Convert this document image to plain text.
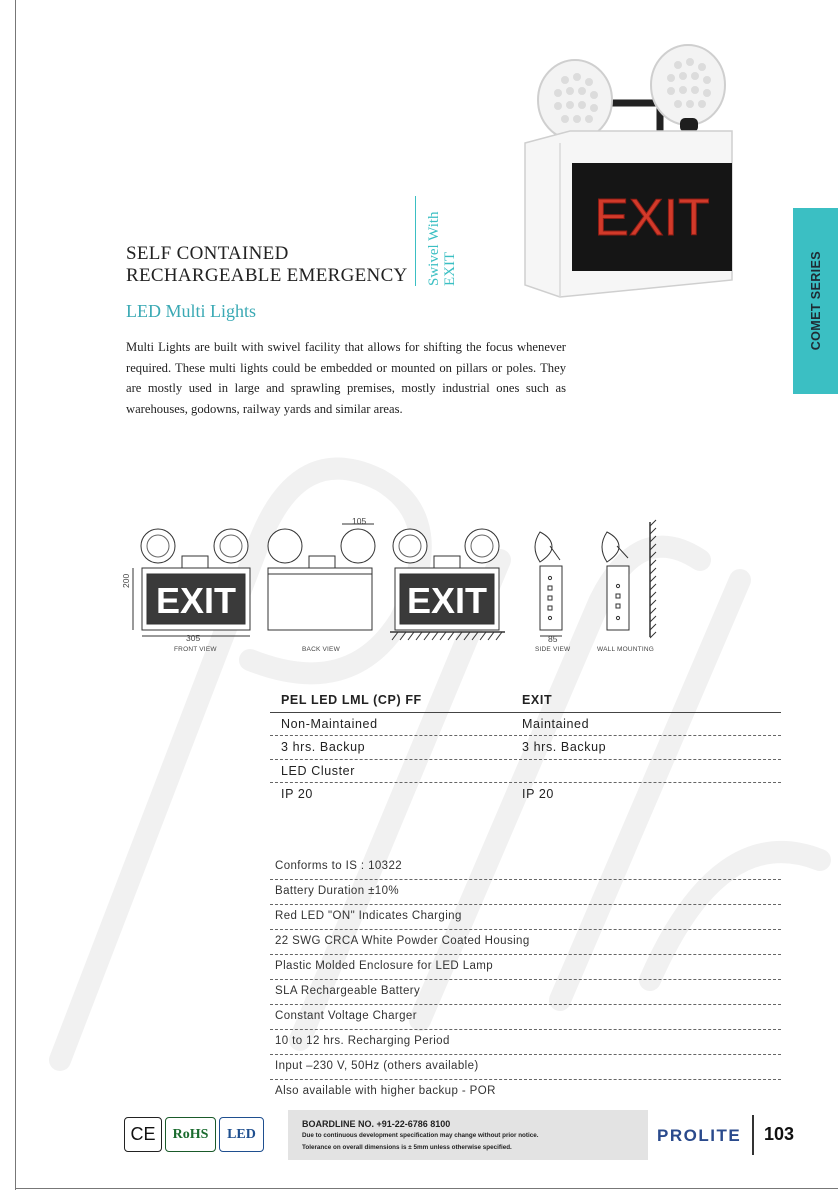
EXIT
SELF CONTAINED
RECHARGEABLE EMERGENCY Swivel With EXIT
LED Multi Lights
Multi Lights are built with swivel facility that allows for shifting the focus whenever required. These multi lights could be embedded or mounted on pillars or poles. They are mostly used in large and sprawling premises, mostly industrial ones such as warehouses, godowns, railway yards and similar areas.
COMET SERIES
EXIT	EXIT
200
305
105
85
FRONT VIEW	BACK VIEW	SIDE VIEW	WALL MOUNTING
PEL LED LML (CP) FF	EXIT
Non-Maintained	Maintained
3 hrs. Backup	3 hrs. Backup
LED Cluster
IP 20	IP 20
Conforms to IS : 10322
Battery Duration ±10%
Red LED "ON" Indicates Charging
22 SWG CRCA White Powder Coated Housing
Plastic Molded Enclosure for LED Lamp
SLA Rechargeable Battery
Constant Voltage Charger
10 to 12 hrs. Recharging Period
Input –230 V, 50Hz (others available)
Also available with higher backup - POR
CE	RoHS	LED
BOARDLINE NO. +91-22-6786 8100
Due to continuous development specification may change without prior notice.
Tolerance on overall dimensions is ± 5mm unless otherwise specified.
PROLITE 103
